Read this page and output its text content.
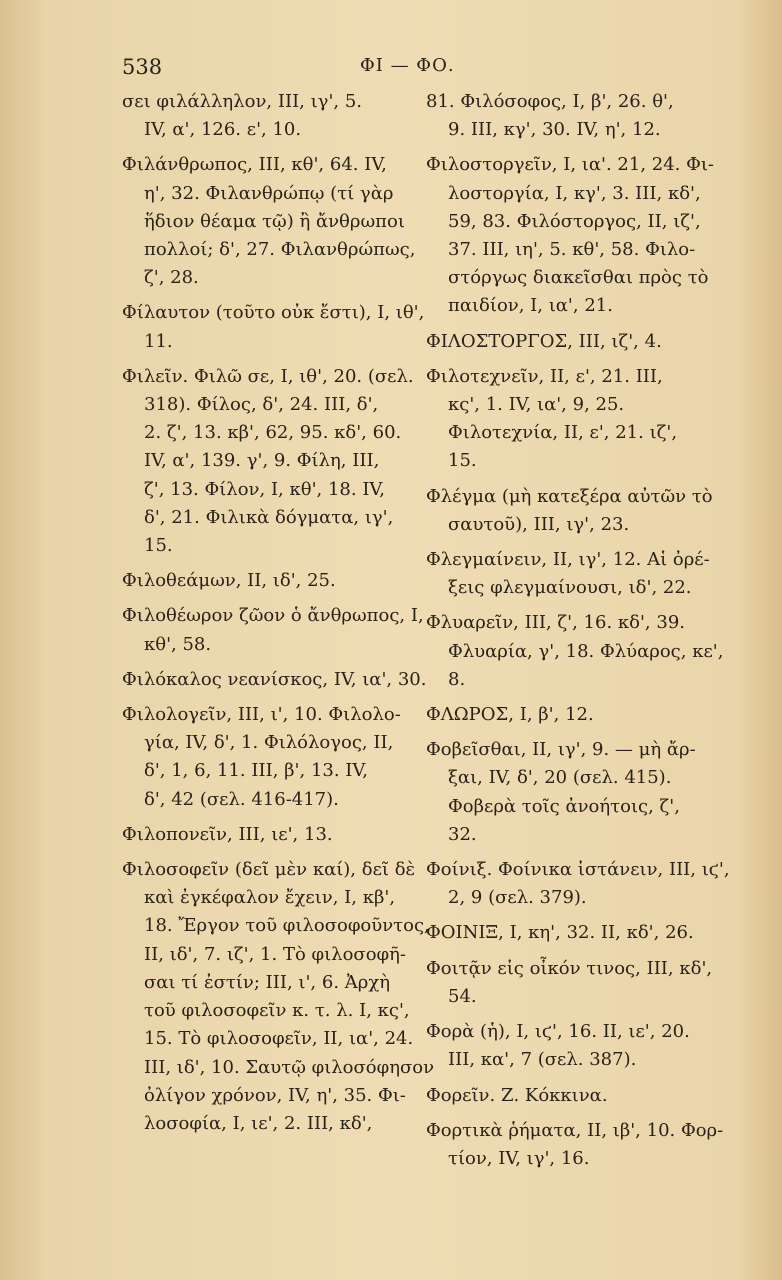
538	ΦΙ — ΦΟ.
σει φιλάλληλον, III, ιγ', 5.
IV, α', 126. ε', 10.
Φιλάνθρωπος, III, κθ', 64. IV,
η', 32. Φιλανθρώπῳ (τί γὰρ
ἥδιον θέαμα τῷ) ἢ ἄνθρωποι
πολλοί; δ', 27. Φιλανθρώπως,
ζ', 28.
Φίλαυτον (τοῦτο οὐκ ἔστι), I, ιθ',
11.
Φιλεῖν. Φιλῶ σε, I, ιθ', 20. (σελ.
318). Φίλος, δ', 24. III, δ',
2. ζ', 13. κβ', 62, 95. κδ', 60.
IV, α', 139. γ', 9. Φίλη, III,
ζ', 13. Φίλον, I, κθ', 18. IV,
δ', 21. Φιλικὰ δόγματα, ιγ',
15.
Φιλοθεάμων, II, ιδ', 25.
Φιλοθέωρον ζῶον ὁ ἄνθρωπος, I,
κθ', 58.
Φιλόκαλος νεανίσκος, IV, ια', 30.
Φιλολογεῖν, III, ι', 10. Φιλολο-
γία, IV, δ', 1. Φιλόλογος, II,
δ', 1, 6, 11. III, β', 13. IV,
δ', 42 (σελ. 416-417).
Φιλοπονεῖν, III, ιε', 13.
Φιλοσοφεῖν (δεῖ μὲν καί), δεῖ δὲ
καὶ ἐγκέφαλον ἔχειν, I, κβ',
18. Ἔργον τοῦ φιλοσοφοῦντος,
II, ιδ', 7. ιζ', 1. Τὸ φιλοσοφῆ-
σαι τί ἐστίν; III, ι', 6. Ἀρχὴ
τοῦ φιλοσοφεῖν κ. τ. λ. I, κς',
15. Τὸ φιλοσοφεῖν, II, ια', 24.
III, ιδ', 10. Σαυτῷ φιλοσόφησον
ὀλίγον χρόνον, IV, η', 35. Φι-
λοσοφία, I, ιε', 2. III, κδ',
81. Φιλόσοφος, I, β', 26. θ',
9. III, κγ', 30. IV, η', 12.
Φιλοστοργεῖν, I, ια'. 21, 24. Φι-
λοστοργία, I, κγ', 3. III, κδ',
59, 83. Φιλόστοργος, II, ιζ',
37. III, ιη', 5. κθ', 58. Φιλο-
στόργως διακεῖσθαι πρὸς τὸ
παιδίον, I, ια', 21.
ΦΙΛΟΣΤΟΡΓΟΣ, III, ιζ', 4.
Φιλοτεχνεῖν, II, ε', 21. III,
κς', 1. IV, ια', 9, 25.
Φιλοτεχνία, II, ε', 21. ιζ',
15.
Φλέγμα (μὴ κατεξέρα αὐτῶν τὸ
σαυτοῦ), III, ιγ', 23.
Φλεγμαίνειν, II, ιγ', 12. Αἱ ὀρέ-
ξεις φλεγμαίνουσι, ιδ', 22.
Φλυαρεῖν, III, ζ', 16. κδ', 39.
Φλυαρία, γ', 18. Φλύαρος, κε',
8.
ΦΛΩΡΟΣ, I, β', 12.
Φοβεῖσθαι, II, ιγ', 9. — μὴ ἄρ-
ξαι, IV, δ', 20 (σελ. 415).
Φοβερὰ τοῖς ἀνοήτοις, ζ',
32.
Φοίνιξ. Φοίνικα ἱστάνειν, III, ιϛ',
2, 9 (σελ. 379).
ΦΟΙΝΙΞ, I, κη', 32. II, κδ', 26.
Φοιτᾷν εἰς οἶκόν τινος, III, κδ',
54.
Φορὰ (ἡ), I, ιϛ', 16. II, ιε', 20.
III, κα', 7 (σελ. 387).
Φορεῖν. Ζ. Κόκκινα.
Φορτικὰ ῥήματα, II, ιβ', 10. Φορ-
τίον, IV, ιγ', 16.
